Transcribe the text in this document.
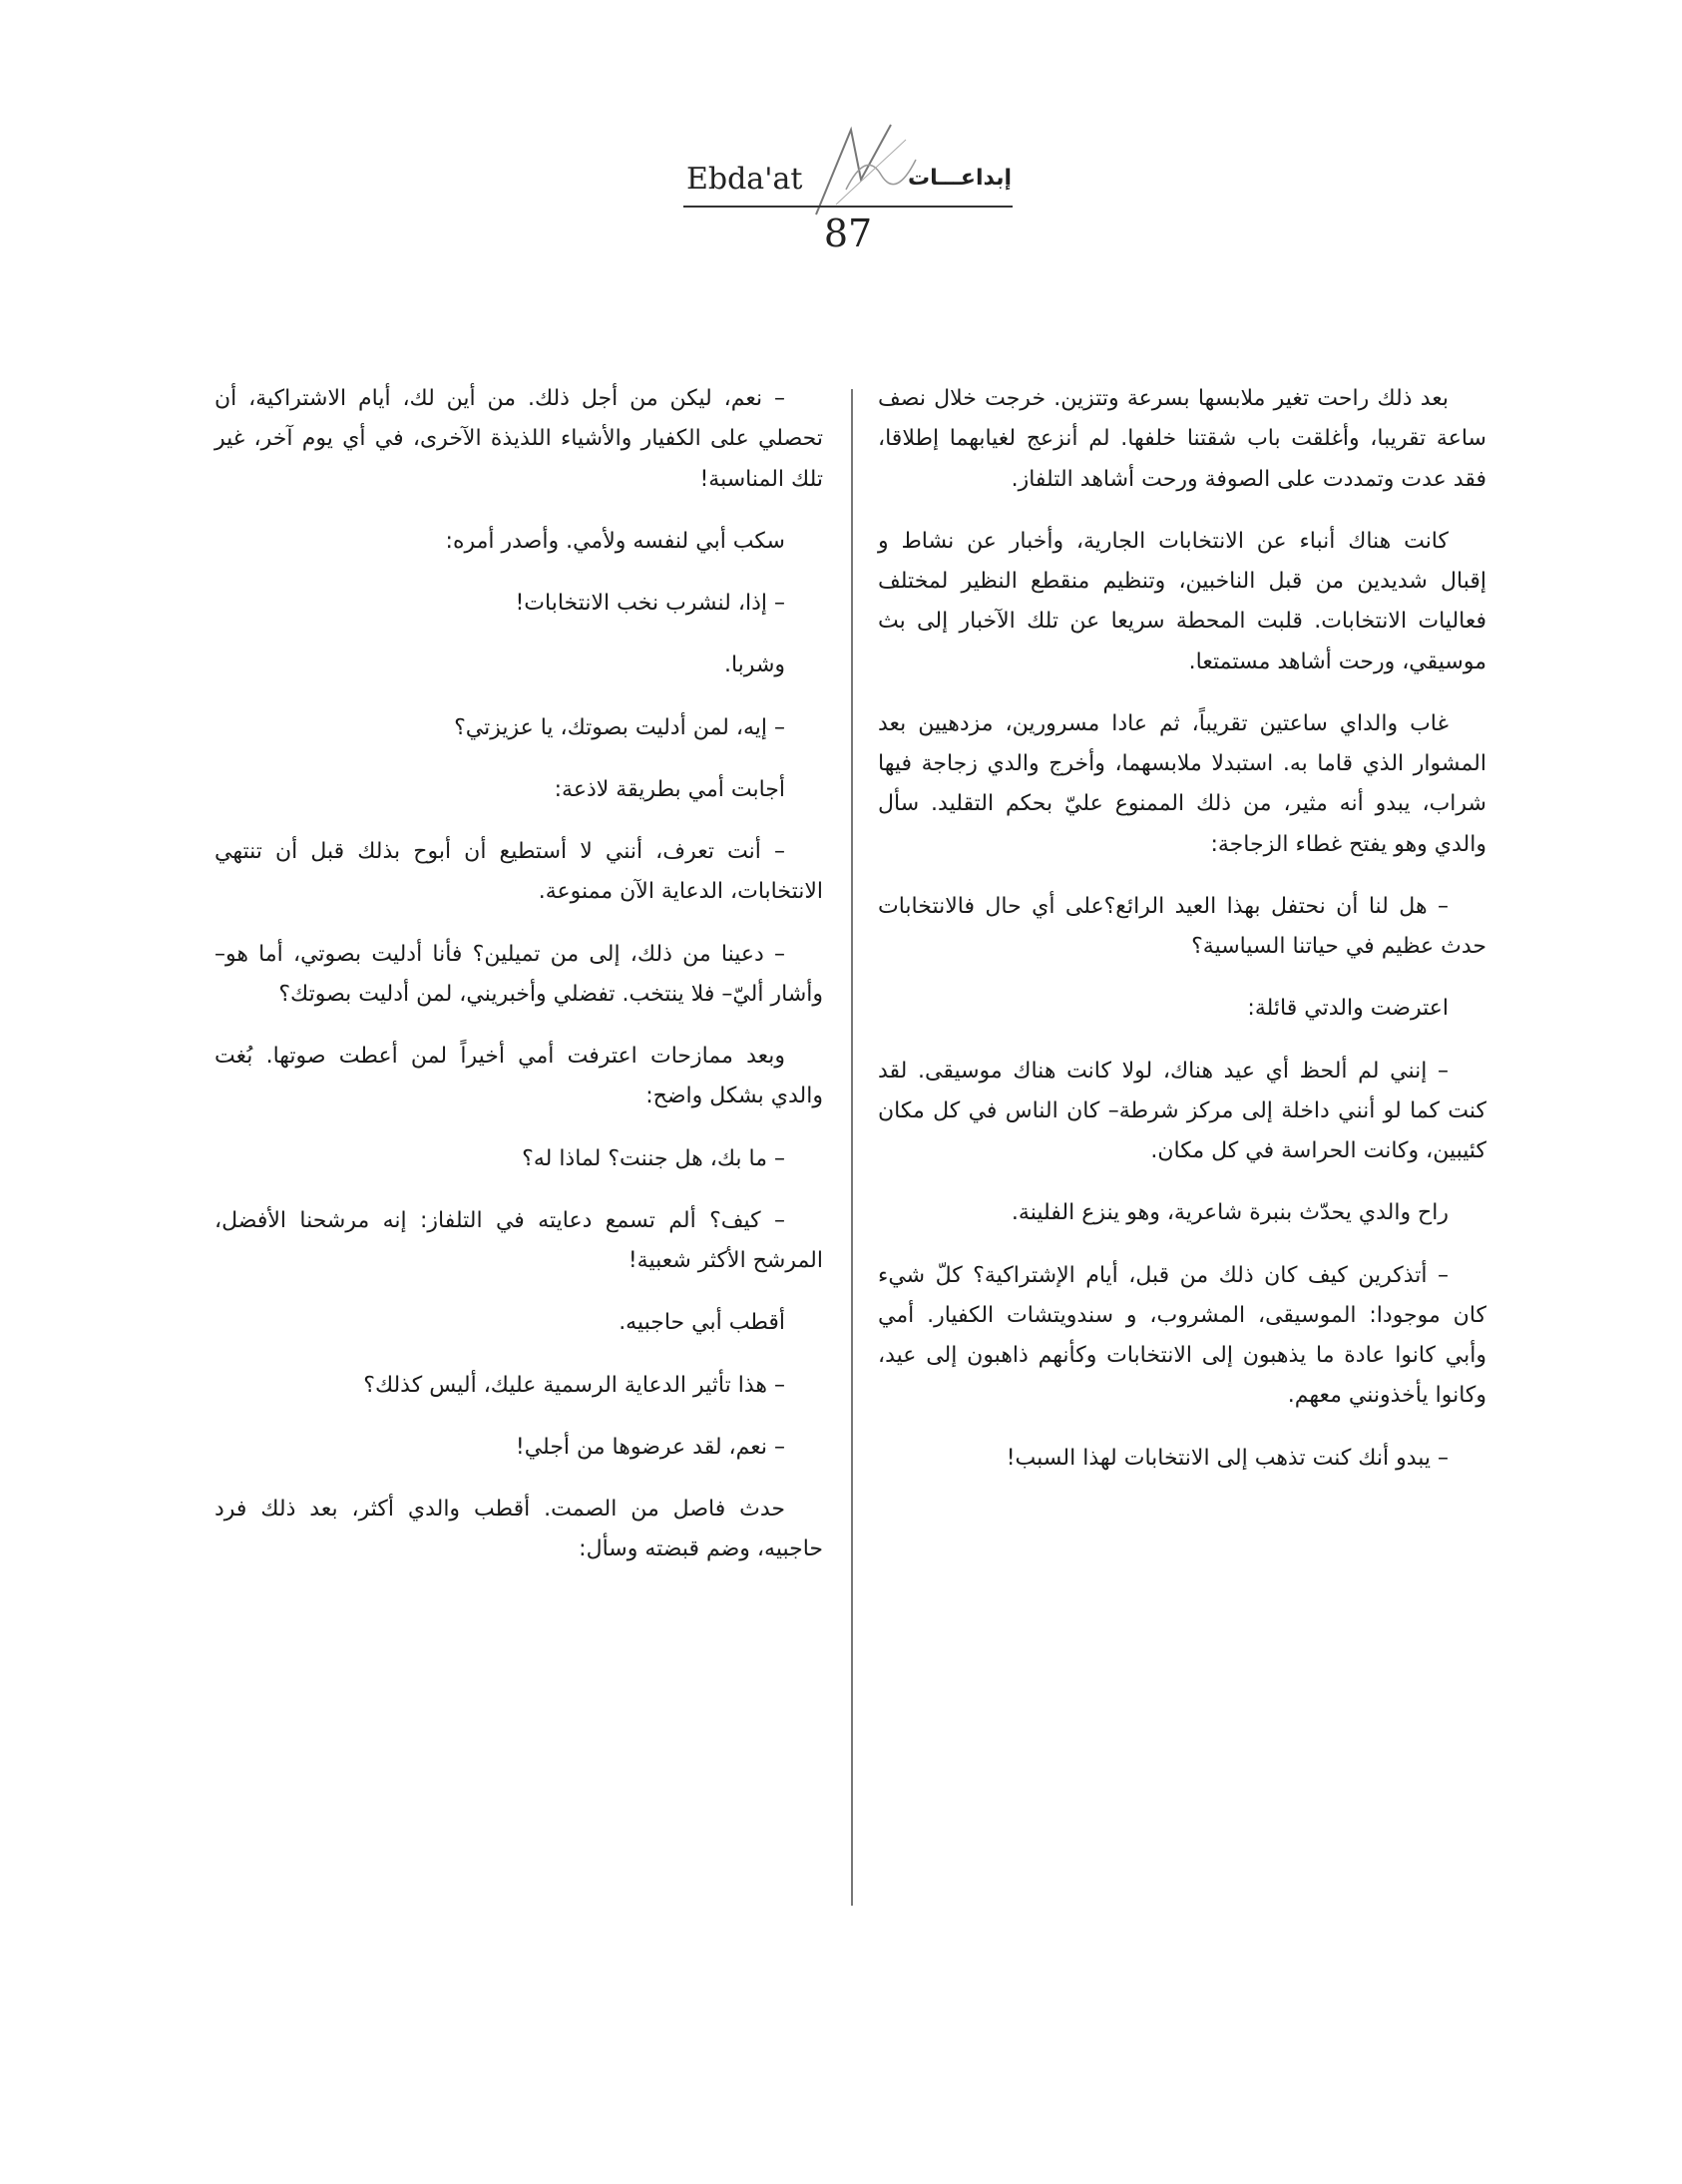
Ebda'at	إبداعـــات
87

بعد ذلك راحت تغير ملابسها بسرعة وتتزين. خرجت خلال نصف ساعة تقريبا، وأغلقت باب شقتنا خلفها. لم أنزعج لغيابهما إطلاقا، فقد عدت وتمددت على الصوفة ورحت أشاهد التلفاز.

كانت هناك أنباء عن الانتخابات الجارية، وأخبار عن نشاط و إقبال شديدين من قبل الناخبين، وتنظيم منقطع النظير لمختلف فعاليات الانتخابات. قلبت المحطة سريعا عن تلك الآخبار إلى بث موسيقي، ورحت أشاهد مستمتعا.

غاب والداي ساعتين تقريباً، ثم عادا مسرورين، مزدهيين بعد المشوار الذي قاما به. استبدلا ملابسهما، وأخرج والدي زجاجة فيها شراب، يبدو أنه مثير، من ذلك الممنوع عليّ بحكم التقليد. سأل والدي وهو يفتح غطاء الزجاجة:

– هل لنا أن نحتفل بهذا العيد الرائع؟على أي حال فالانتخابات حدث عظيم في حياتنا السياسية؟

اعترضت والدتي قائلة:

– إنني لم ألحظ أي عيد هناك، لولا كانت هناك موسيقى. لقد كنت كما لو أنني داخلة إلى مركز شرطة– كان الناس في كل مكان كئيبين، وكانت الحراسة في كل مكان.

راح والدي يحدّث بنبرة شاعرية، وهو ينزع الفلينة.

– أتذكرين كيف كان ذلك من قبل، أيام الإشتراكية؟ كلّ شيء كان موجودا: الموسيقى، المشروب، و سندويتشات الكفيار. أمي وأبي كانوا عادة ما يذهبون إلى الانتخابات وكأنهم ذاهبون إلى عيد، وكانوا يأخذونني معهم.

– يبدو أنك كنت تذهب إلى الانتخابات لهذا السبب!

– نعم، ليكن من أجل ذلك. من أين لك، أيام الاشتراكية، أن تحصلي على الكفيار والأشياء اللذيذة الآخرى، في أي يوم آخر، غير تلك المناسبة!

سكب أبي لنفسه ولأمي. وأصدر أمره:

– إذا، لنشرب نخب الانتخابات!

وشربا.

– إيه، لمن أدليت بصوتك، يا عزيزتي؟

أجابت أمي بطريقة لاذعة:

– أنت تعرف، أنني لا أستطيع أن أبوح بذلك قبل أن تنتهي الانتخابات، الدعاية الآن ممنوعة.

– دعينا من ذلك، إلى من تميلين؟ فأنا أدليت بصوتي، أما هو– وأشار أليّ– فلا ينتخب. تفضلي وأخبريني، لمن أدليت بصوتك؟

وبعد ممازحات اعترفت أمي أخيراً لمن أعطت صوتها. بُغت والدي بشكل واضح:

– ما بك، هل جننت؟ لماذا له؟

– كيف؟ ألم تسمع دعايته في التلفاز: إنه مرشحنا الأفضل، المرشح الأكثر شعبية!

أقطب أبي حاجبيه.

– هذا تأثير الدعاية الرسمية عليك، أليس كذلك؟

– نعم، لقد عرضوها من أجلي!

حدث فاصل من الصمت. أقطب والدي أكثر، بعد ذلك فرد حاجبيه، وضم قبضته وسأل:
